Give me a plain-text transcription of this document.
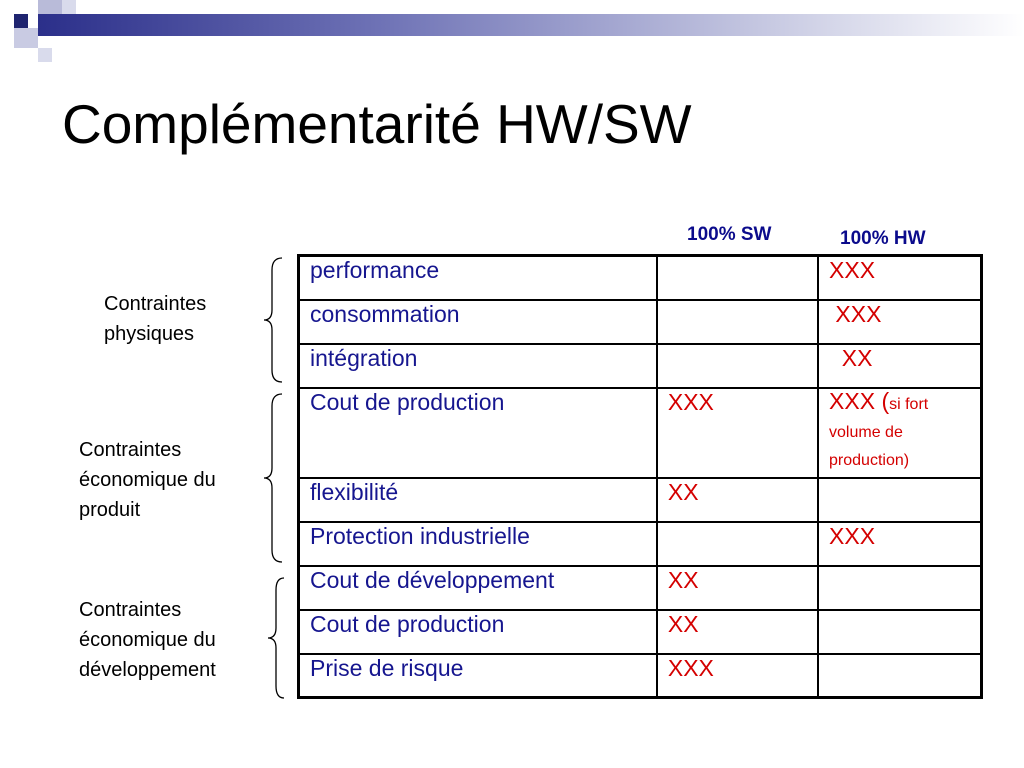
Complémentarité HW/SW
100% SW	100% HW
Contraintes
physiques
Contraintes
économique du
produit
Contraintes
économique du
développement
performance		XXX
consommation		XXX
intégration		XX
Cout de production	XXX	XXX (si fort volume de production)
flexibilité	XX	
Protection industrielle		XXX
Cout de développement	XX	
Cout de production	XX	
Prise de risque	XXX	
